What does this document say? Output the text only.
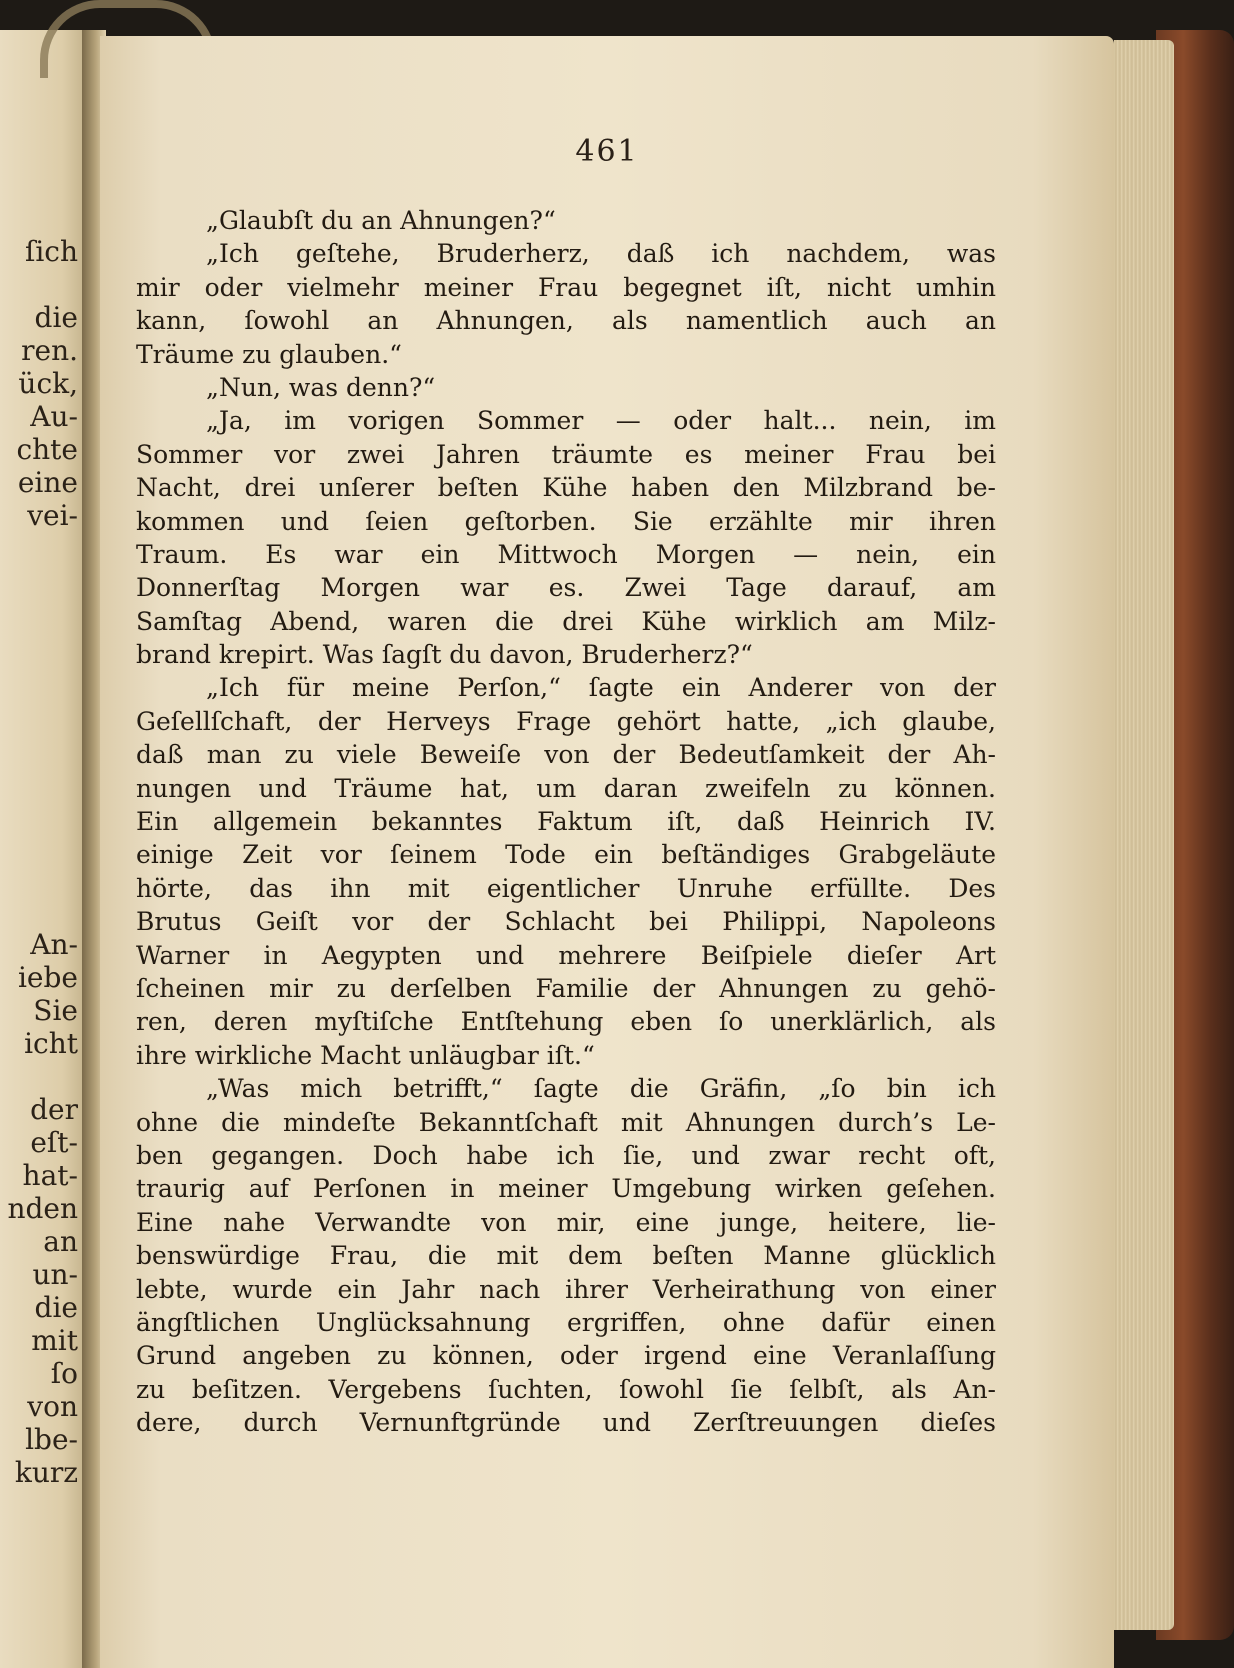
ſich
die
ren.
ück,
Au-
chte
eine
vei-
An-
iebe
Sie
icht
der
eſt-
hat-
nden
an
un-
die
mit
ſo
von
lbe-
kurz
461
„Glaubſt du an Ahnungen?“
„Ich geſtehe, Bruderherz, daß ich nachdem, was
mir oder vielmehr meiner Frau begegnet iſt, nicht umhin
kann, ſowohl an Ahnungen, als namentlich auch an
Träume zu glauben.“
„Nun, was denn?“
„Ja, im vorigen Sommer — oder halt... nein, im
Sommer vor zwei Jahren träumte es meiner Frau bei
Nacht, drei unſerer beſten Kühe haben den Milzbrand be-
kommen und ſeien geſtorben. Sie erzählte mir ihren
Traum. Es war ein Mittwoch Morgen — nein, ein
Donnerſtag Morgen war es. Zwei Tage darauf, am
Samſtag Abend, waren die drei Kühe wirklich am Milz-
brand krepirt. Was ſagſt du davon, Bruderherz?“
„Ich für meine Perſon,“ ſagte ein Anderer von der
Geſellſchaft, der Herveys Frage gehört hatte, „ich glaube,
daß man zu viele Beweiſe von der Bedeutſamkeit der Ah-
nungen und Träume hat, um daran zweifeln zu können.
Ein allgemein bekanntes Faktum iſt, daß Heinrich IV.
einige Zeit vor ſeinem Tode ein beſtändiges Grabgeläute
hörte, das ihn mit eigentlicher Unruhe erfüllte. Des
Brutus Geiſt vor der Schlacht bei Philippi, Napoleons
Warner in Aegypten und mehrere Beiſpiele dieſer Art
ſcheinen mir zu derſelben Familie der Ahnungen zu gehö-
ren, deren myſtiſche Entſtehung eben ſo unerklärlich, als
ihre wirkliche Macht unläugbar iſt.“
„Was mich betrifft,“ ſagte die Gräfin, „ſo bin ich
ohne die mindeſte Bekanntſchaft mit Ahnungen durch’s Le-
ben gegangen. Doch habe ich ſie, und zwar recht oft,
traurig auf Perſonen in meiner Umgebung wirken geſehen.
Eine nahe Verwandte von mir, eine junge, heitere, lie-
benswürdige Frau, die mit dem beſten Manne glücklich
lebte, wurde ein Jahr nach ihrer Verheirathung von einer
ängſtlichen Unglücksahnung ergriffen, ohne dafür einen
Grund angeben zu können, oder irgend eine Veranlaſſung
zu beſitzen. Vergebens ſuchten, ſowohl ſie ſelbſt, als An-
dere, durch Vernunftgründe und Zerſtreuungen dieſes
